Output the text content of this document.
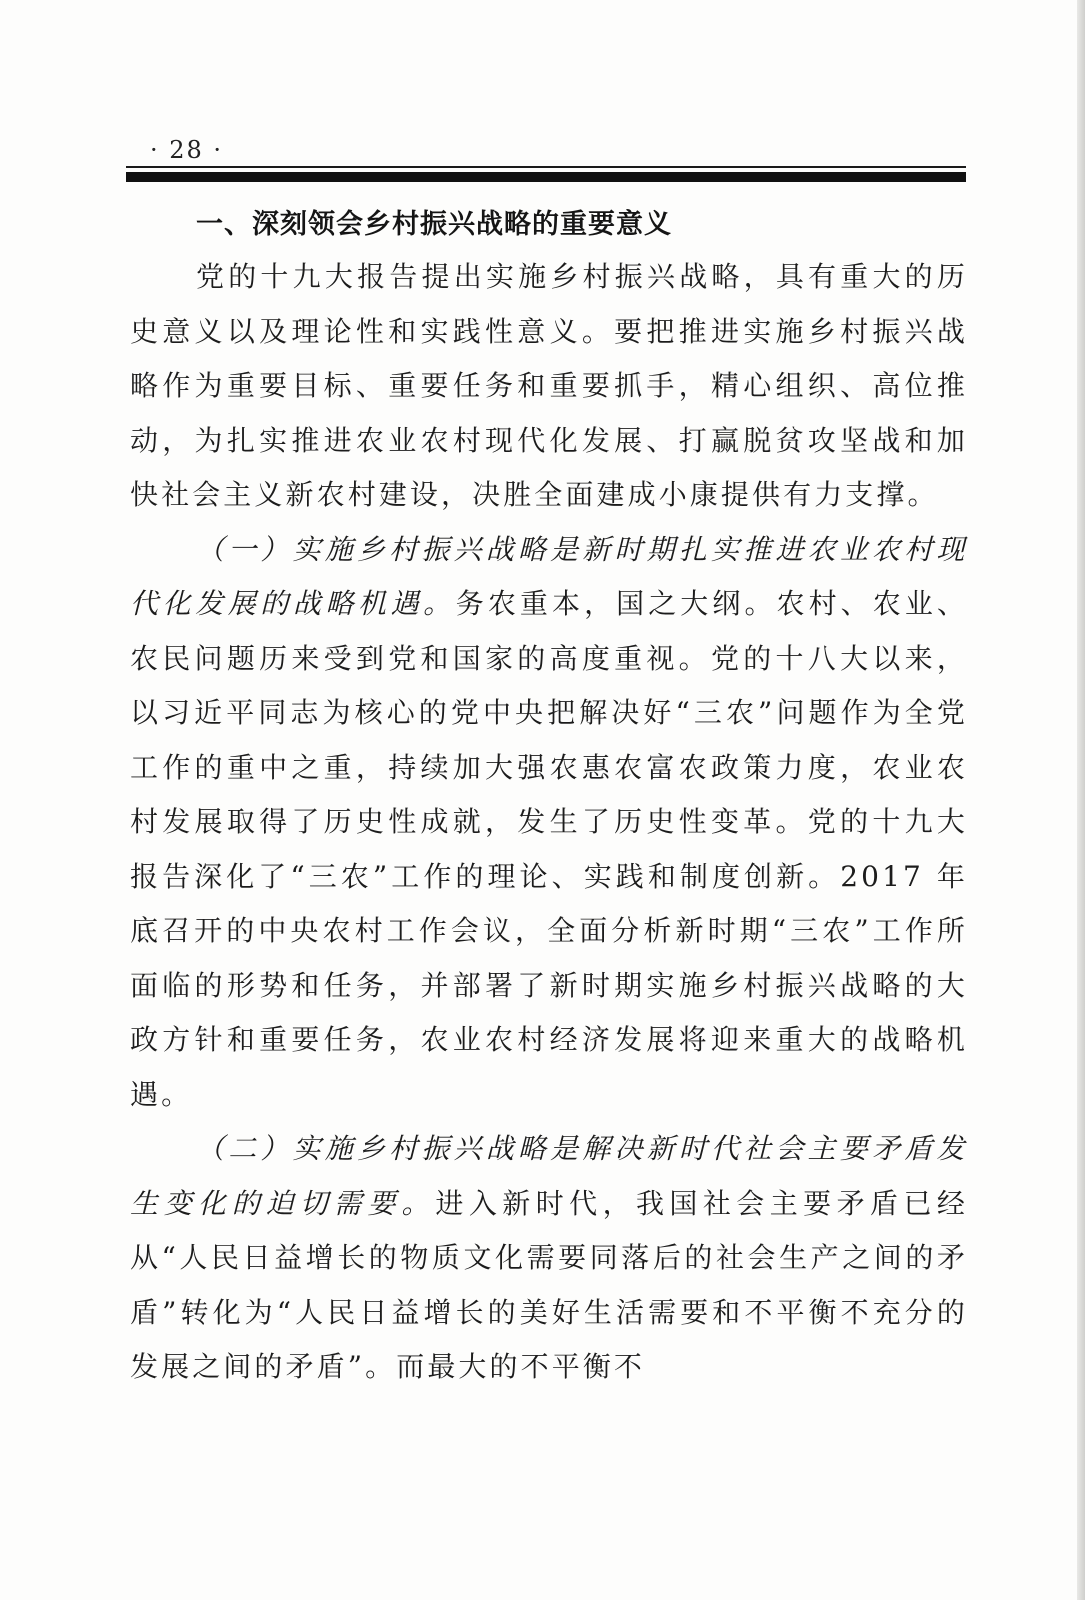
· 28 ·
一、深刻领会乡村振兴战略的重要意义

党的十九大报告提出实施乡村振兴战略，具有重大的历史意义以及理论性和实践性意义。要把推进实施乡村振兴战略作为重要目标、重要任务和重要抓手，精心组织、高位推动，为扎实推进农业农村现代化发展、打赢脱贫攻坚战和加快社会主义新农村建设，决胜全面建成小康提供有力支撑。

（一）实施乡村振兴战略是新时期扎实推进农业农村现代化发展的战略机遇。务农重本，国之大纲。农村、农业、农民问题历来受到党和国家的高度重视。党的十八大以来，以习近平同志为核心的党中央把解决好“三农”问题作为全党工作的重中之重，持续加大强农惠农富农政策力度，农业农村发展取得了历史性成就，发生了历史性变革。党的十九大报告深化了“三农”工作的理论、实践和制度创新。2017 年底召开的中央农村工作会议，全面分析新时期“三农”工作所面临的形势和任务，并部署了新时期实施乡村振兴战略的大政方针和重要任务，农业农村经济发展将迎来重大的战略机遇。

（二）实施乡村振兴战略是解决新时代社会主要矛盾发生变化的迫切需要。进入新时代，我国社会主要矛盾已经从“人民日益增长的物质文化需要同落后的社会生产之间的矛盾”转化为“人民日益增长的美好生活需要和不平衡不充分的发展之间的矛盾”。而最大的不平衡不
